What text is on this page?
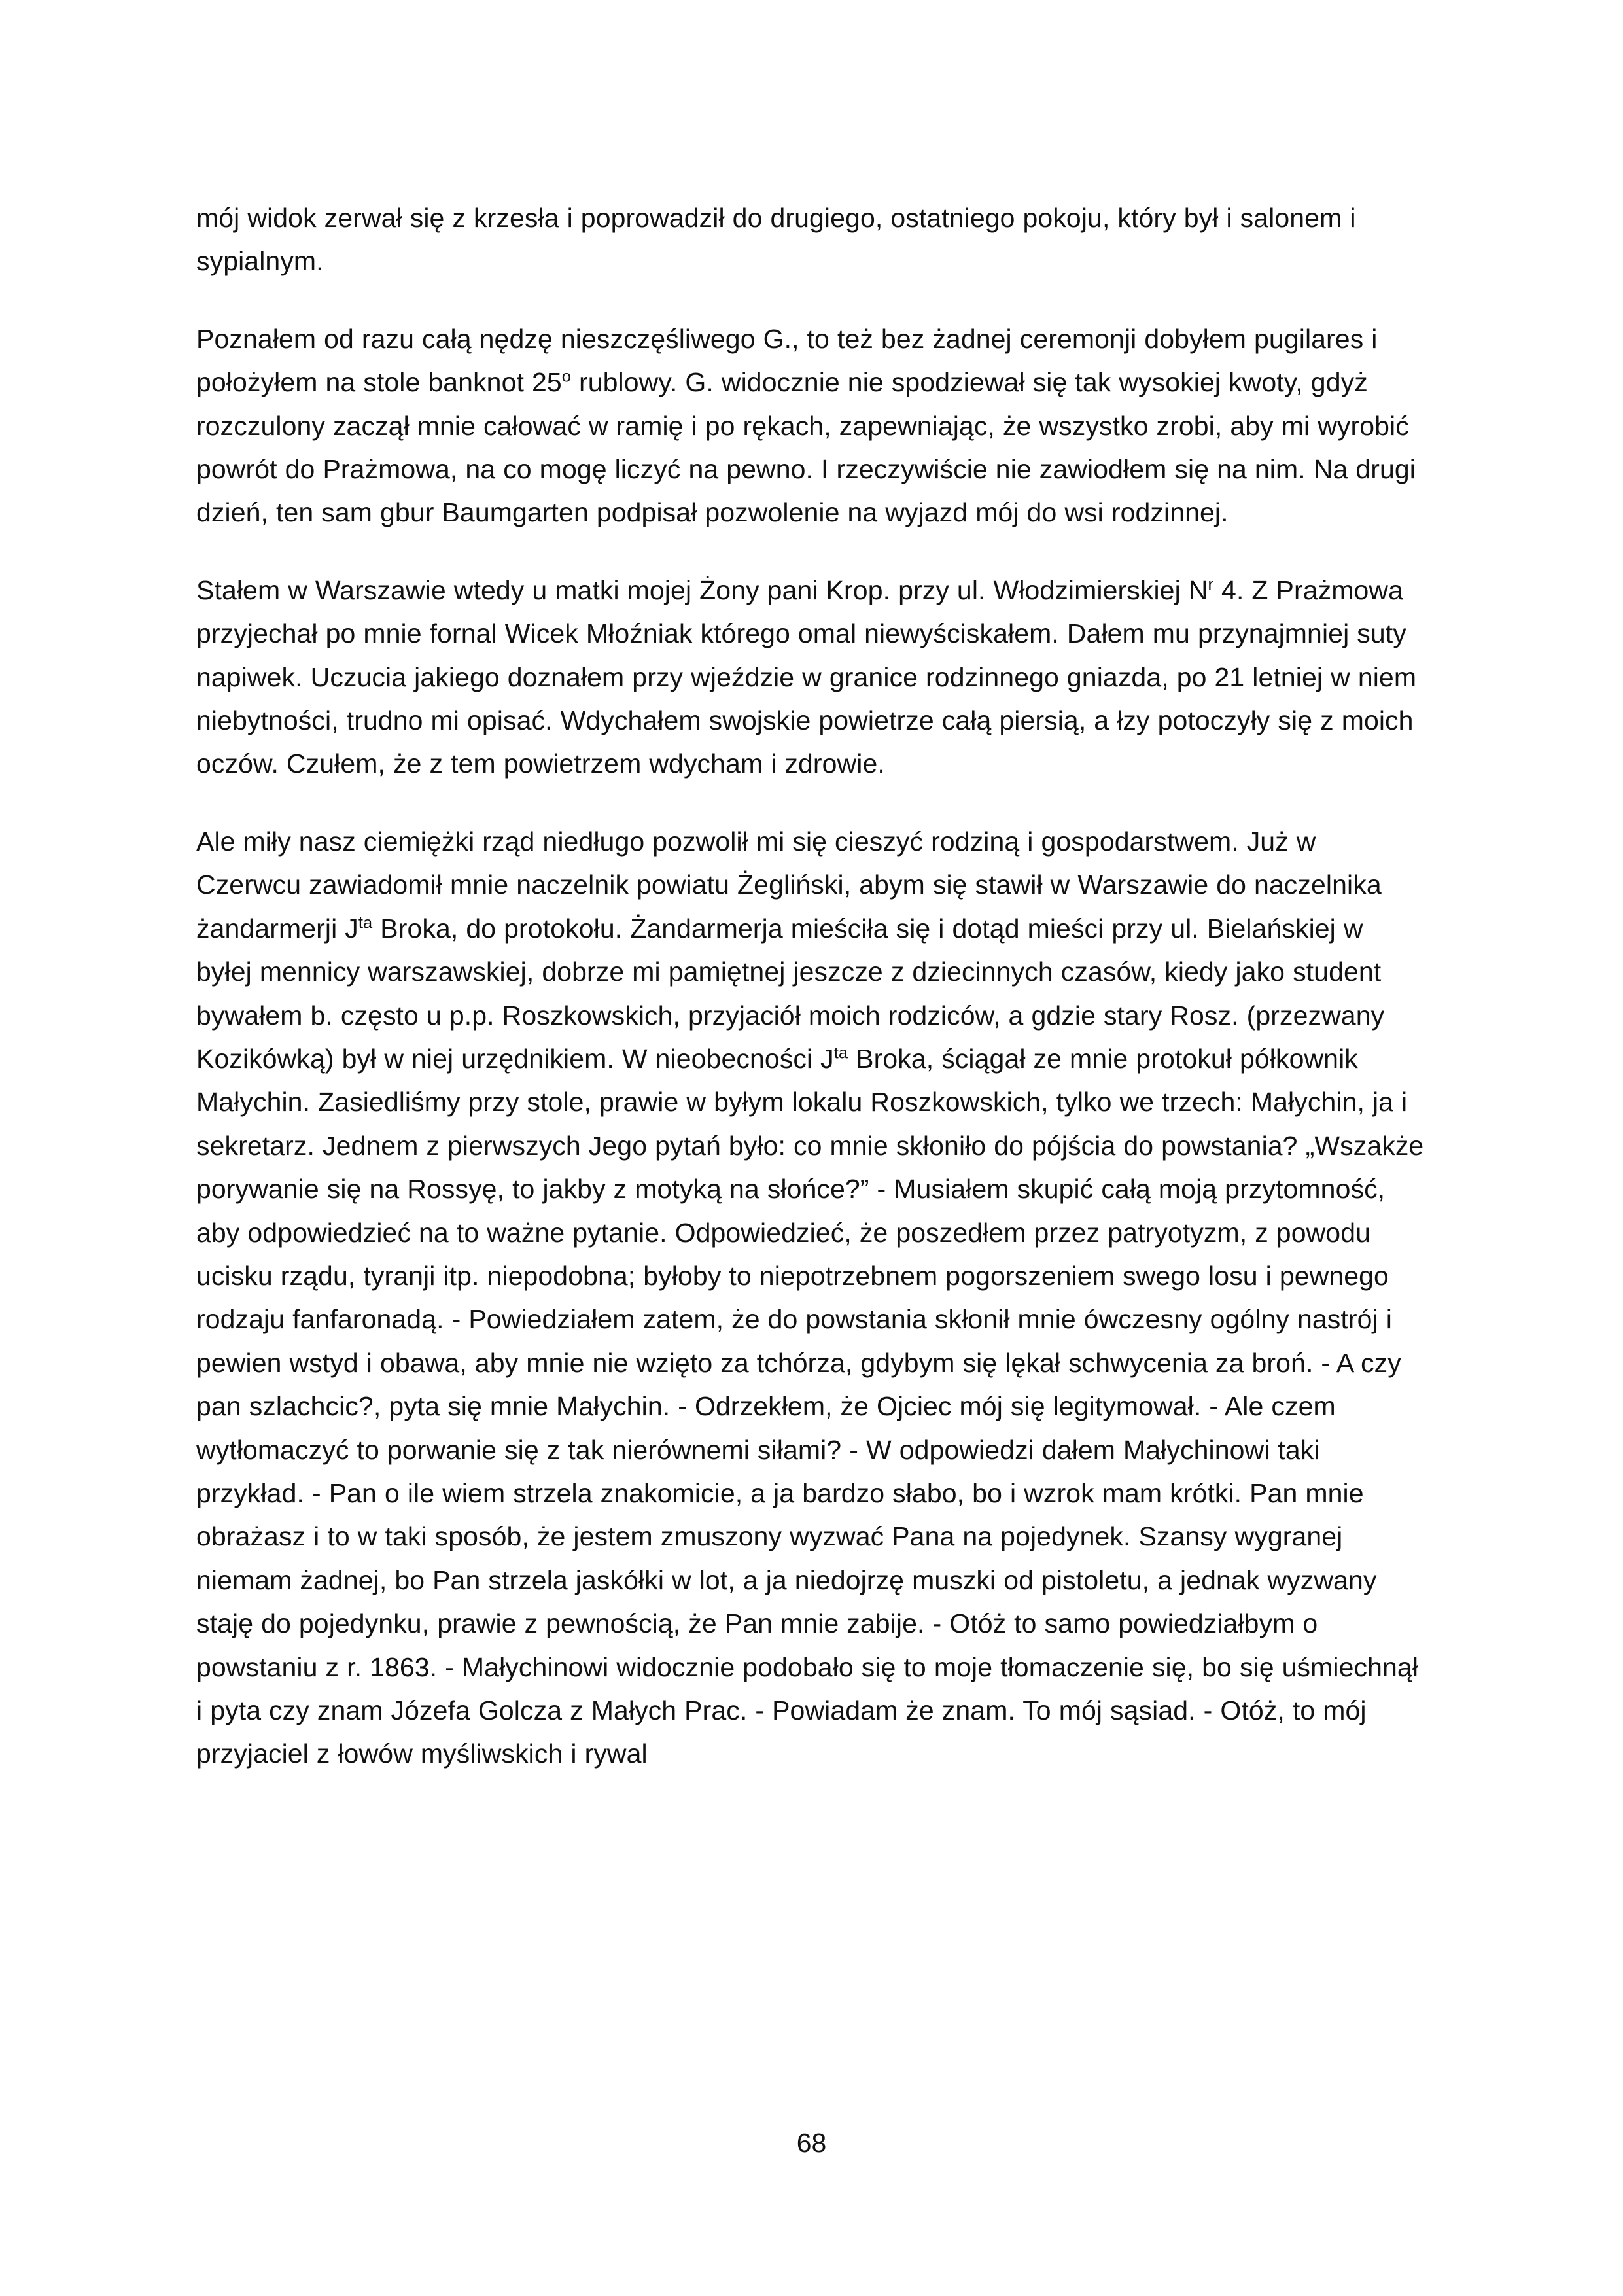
mój widok zerwał się z krzesła i poprowadził do drugiego, ostatniego pokoju, który był i salonem i sypialnym.

Poznałem od razu całą nędzę nieszczęśliwego G., to też bez żadnej ceremonji dobyłem pugilares i położyłem na stole banknot 25$^o$ rublowy. G. widocznie nie spodziewał się tak wysokiej kwoty, gdyż rozczulony zaczął mnie całować w ramię i po rękach, zapewniając, że wszystko zrobi, aby mi wyrobić powrót do Prażmowa, na co mogę liczyć na pewno. I rzeczywiście nie zawiodłem się na nim. Na drugi dzień, ten sam gbur Baumgarten podpisał pozwolenie na wyjazd mój do wsi rodzinnej.

Stałem w Warszawie wtedy u matki mojej Żony pani Krop. przy ul. Włodzimierskiej $N^r$ 4. Z Prażmowa przyjechał po mnie fornal Wicek Młoźniak którego omal niewyściskałem. Dałem mu przynajmniej suty napiwek. Uczucia jakiego doznałem przy wjeździe w granice rodzinnego gniazda, po 21 letniej w niem niebytności, trudno mi opisać. Wdychałem swojskie powietrze całą piersią, a łzy potoczyły się z moich oczów. Czułem, że z tem powietrzem wdycham i zdrowie.

Ale miły nasz ciemiężki rząd niedługo pozwolił mi się cieszyć rodziną i gospodarstwem. Już w Czerwcu zawiadomił mnie naczelnik powiatu Żegliński, abym się stawił w Warszawie do naczelnika żandarmerji $J^{ta}$ Broka, do protokołu. Żandarmerja mieściła się i dotąd mieści przy ul. Bielańskiej w byłej mennicy warszawskiej, dobrze mi pamiętnej jeszcze z dziecinnych czasów, kiedy jako student bywałem b. często u p.p. Roszkowskich, przyjaciół moich rodziców, a gdzie stary Rosz. (przezwany Kozikówką) był w niej urzędnikiem. W nieobecności $J^{ta}$ Broka, ściągał ze mnie protokuł półkownik Małychin. Zasiedliśmy przy stole, prawie w byłym lokalu Roszkowskich, tylko we trzech: Małychin, ja i sekretarz. Jednem z pierwszych Jego pytań było: co mnie skłoniło do pójścia do powstania? „Wszakże porywanie się na Rossyę, to jakby z motyką na słońce?” - Musiałem skupić całą moją przytomność, aby odpowiedzieć na to ważne pytanie. Odpowiedzieć, że poszedłem przez patryotyzm, z powodu ucisku rządu, tyranji itp. niepodobna; byłoby to niepotrzebnem pogorszeniem swego losu i pewnego rodzaju fanfaronadą. - Powiedziałem zatem, że do powstania skłonił mnie ówczesny ogólny nastrój i pewien wstyd i obawa, aby mnie nie wzięto za tchórza, gdybym się lękał schwycenia za broń. - A czy pan szlachcic?, pyta się mnie Małychin. - Odrzekłem, że Ojciec mój się legitymował. - Ale czem wytłomaczyć to porwanie się z tak nierównemi siłami? - W odpowiedzi dałem Małychinowi taki przykład. - Pan o ile wiem strzela znakomicie, a ja bardzo słabo, bo i wzrok mam krótki. Pan mnie obrażasz i to w taki sposób, że jestem zmuszony wyzwać Pana na pojedynek. Szansy wygranej niemam żadnej, bo Pan strzela jaskółki w lot, a ja niedojrzę muszki od pistoletu, a jednak wyzwany staję do pojedynku, prawie z pewnością, że Pan mnie zabije. - Otóż to samo powiedziałbym o powstaniu z r. 1863. - Małychinowi widocznie podobało się to moje tłomaczenie się, bo się uśmiechnął i pyta czy znam Józefa Golcza z Małych Prac. - Powiadam że znam. To mój sąsiad. - Otóż, to mój przyjaciel z łowów myśliwskich i rywal

68
